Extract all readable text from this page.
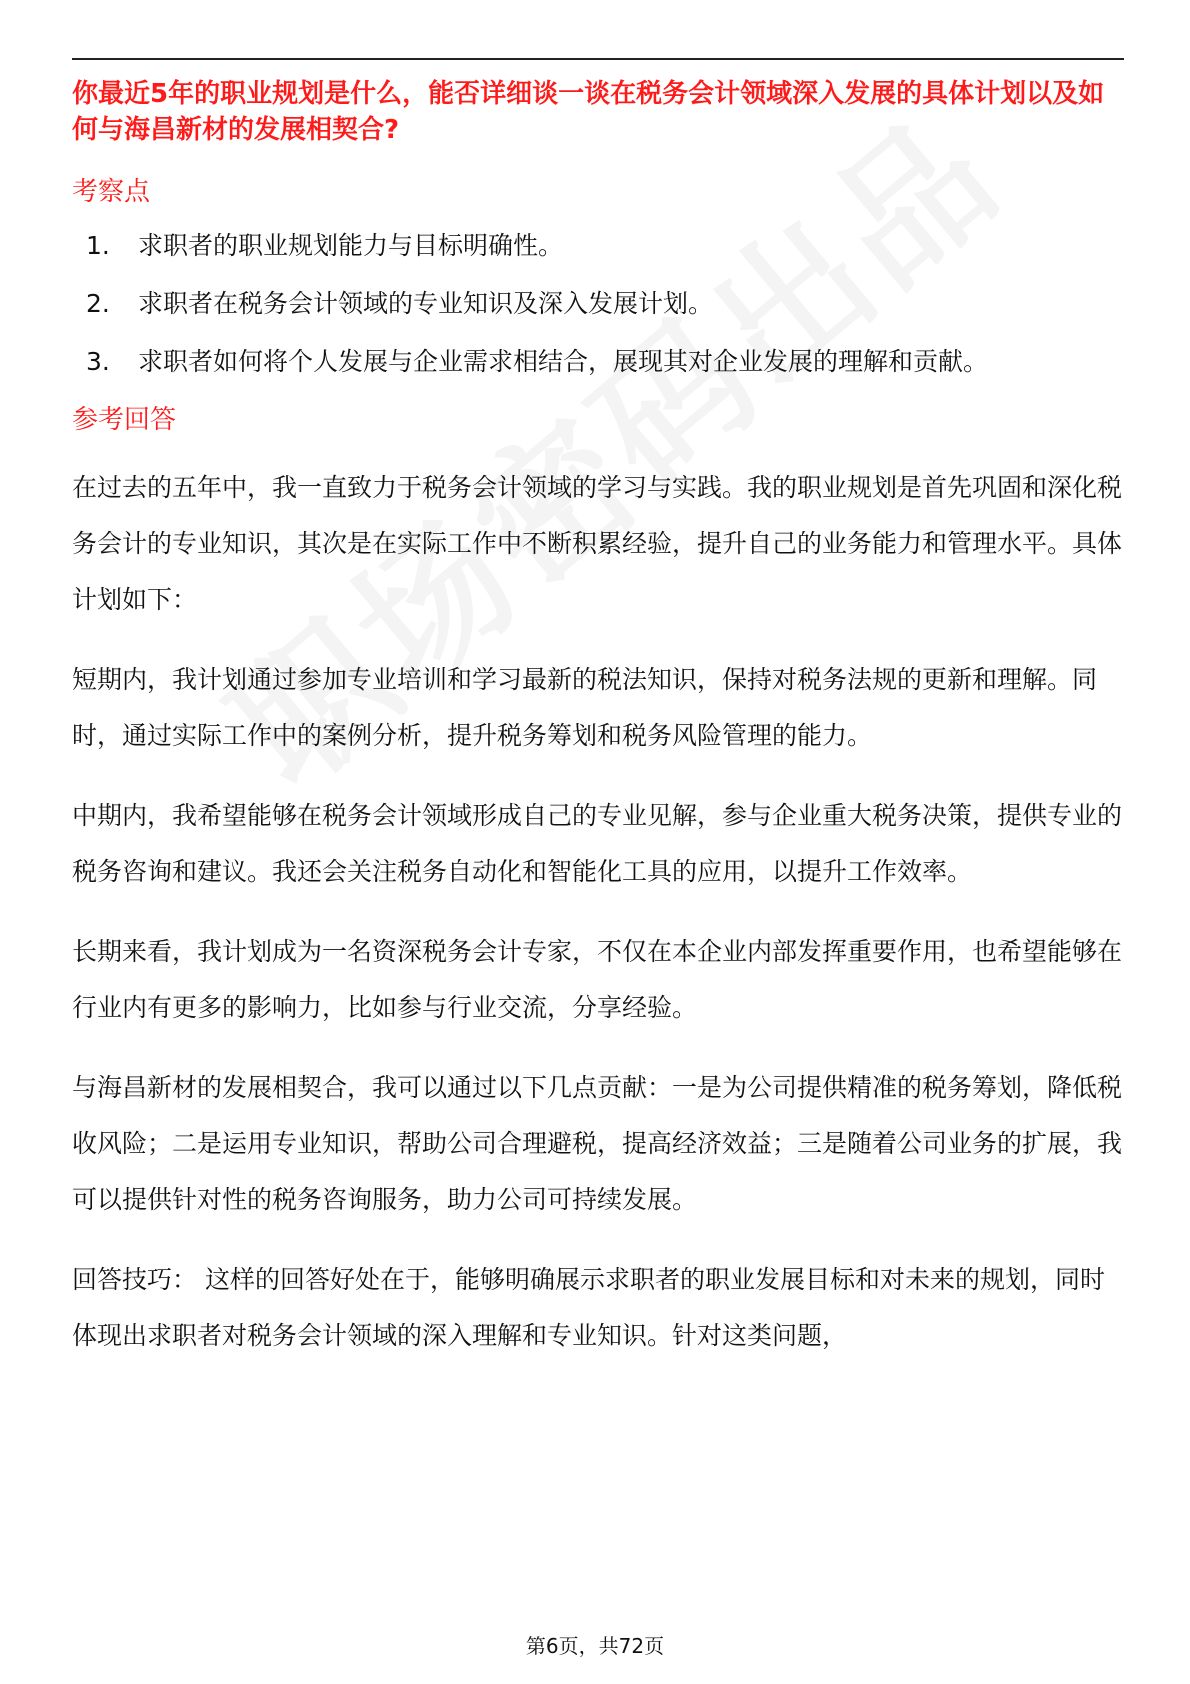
你最近5年的职业规划是什么，能否详细谈一谈在税务会计领域深入发展的具体计划以及如何与海昌新材的发展相契合?

考察点

1.	求职者的职业规划能力与目标明确性。
2.	求职者在税务会计领域的专业知识及深入发展计划。
3.	求职者如何将个人发展与企业需求相结合，展现其对企业发展的理解和贡献。

参考回答

在过去的五年中，我一直致力于税务会计领域的学习与实践。我的职业规划是首先巩固和深化税务会计的专业知识，其次是在实际工作中不断积累经验，提升自己的业务能力和管理水平。具体计划如下：

短期内，我计划通过参加专业培训和学习最新的税法知识，保持对税务法规的更新和理解。同时，通过实际工作中的案例分析，提升税务筹划和税务风险管理的能力。

中期内，我希望能够在税务会计领域形成自己的专业见解，参与企业重大税务决策，提供专业的税务咨询和建议。我还会关注税务自动化和智能化工具的应用，以提升工作效率。

长期来看，我计划成为一名资深税务会计专家，不仅在本企业内部发挥重要作用，也希望能够在行业内有更多的影响力，比如参与行业交流，分享经验。

与海昌新材的发展相契合，我可以通过以下几点贡献：一是为公司提供精准的税务筹划，降低税收风险；二是运用专业知识，帮助公司合理避税，提高经济效益；三是随着公司业务的扩展，我可以提供针对性的税务咨询服务，助力公司可持续发展。

回答技巧： 这样的回答好处在于，能够明确展示求职者的职业发展目标和对未来的规划，同时体现出求职者对税务会计领域的深入理解和专业知识。针对这类问题，

第6页，共72页
